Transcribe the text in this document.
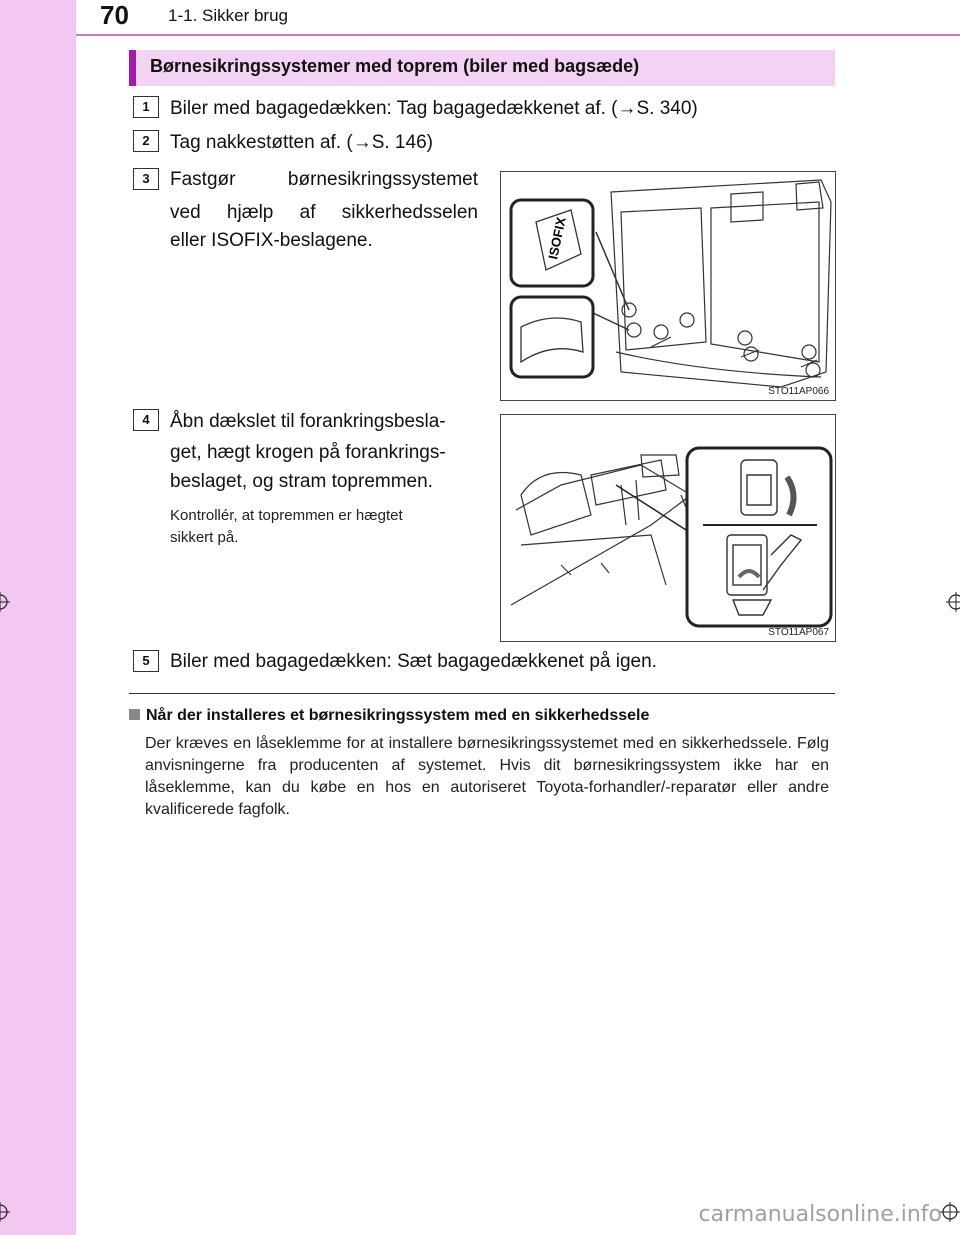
70 1-1. Sikker brug
Børnesikringssystemer med toprem (biler med bagsæde)
1	Biler med bagagedækken: Tag bagagedækkenet af. (→S. 340)
2	Tag nakkestøtten af. (→S. 146)
3	Fastgør børnesikringssystemet
ved hjælp af sikkerhedsselen
eller ISOFIX-beslagene.	ISOFIX
STO11AP066
4	Åbn dækslet til forankringsbesla-
get, hægt krogen på forankrings-
beslaget, og stram topremmen.
Kontrollér, at topremmen er hægtet
sikkert på.
STO11AP067
5	Biler med bagagedækken: Sæt bagagedækkenet på igen.
Når der installeres et børnesikringssystem med en sikkerhedssele
Der kræves en låseklemme for at installere børnesikringssystemet med en sikkerhedssele. Følg anvisningerne fra producenten af systemet. Hvis dit børnesikringssystem ikke har en låseklemme, kan du købe en hos en autoriseret Toyota-forhandler/-reparatør eller andre kvalificerede fagfolk.
carmanualsonline.info
